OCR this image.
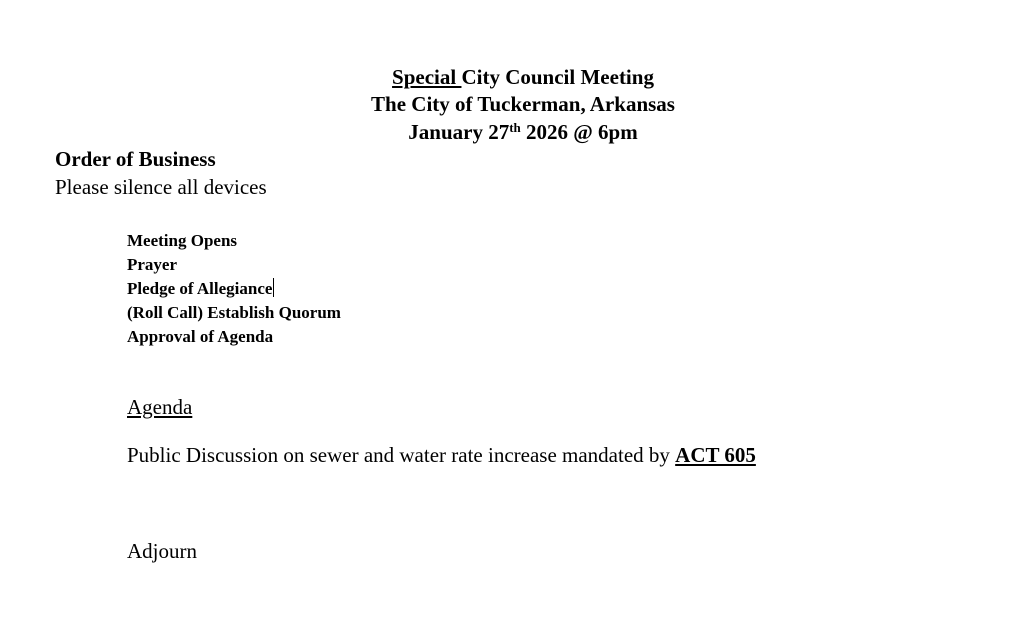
Special City Council Meeting
The City of Tuckerman, Arkansas
January 27th 2026 @ 6pm
Order of Business
Please silence all devices
Meeting Opens
Prayer
Pledge of Allegiance
(Roll Call) Establish Quorum
Approval of Agenda
Agenda
Public Discussion on sewer and water rate increase mandated by ACT 605
Adjourn
